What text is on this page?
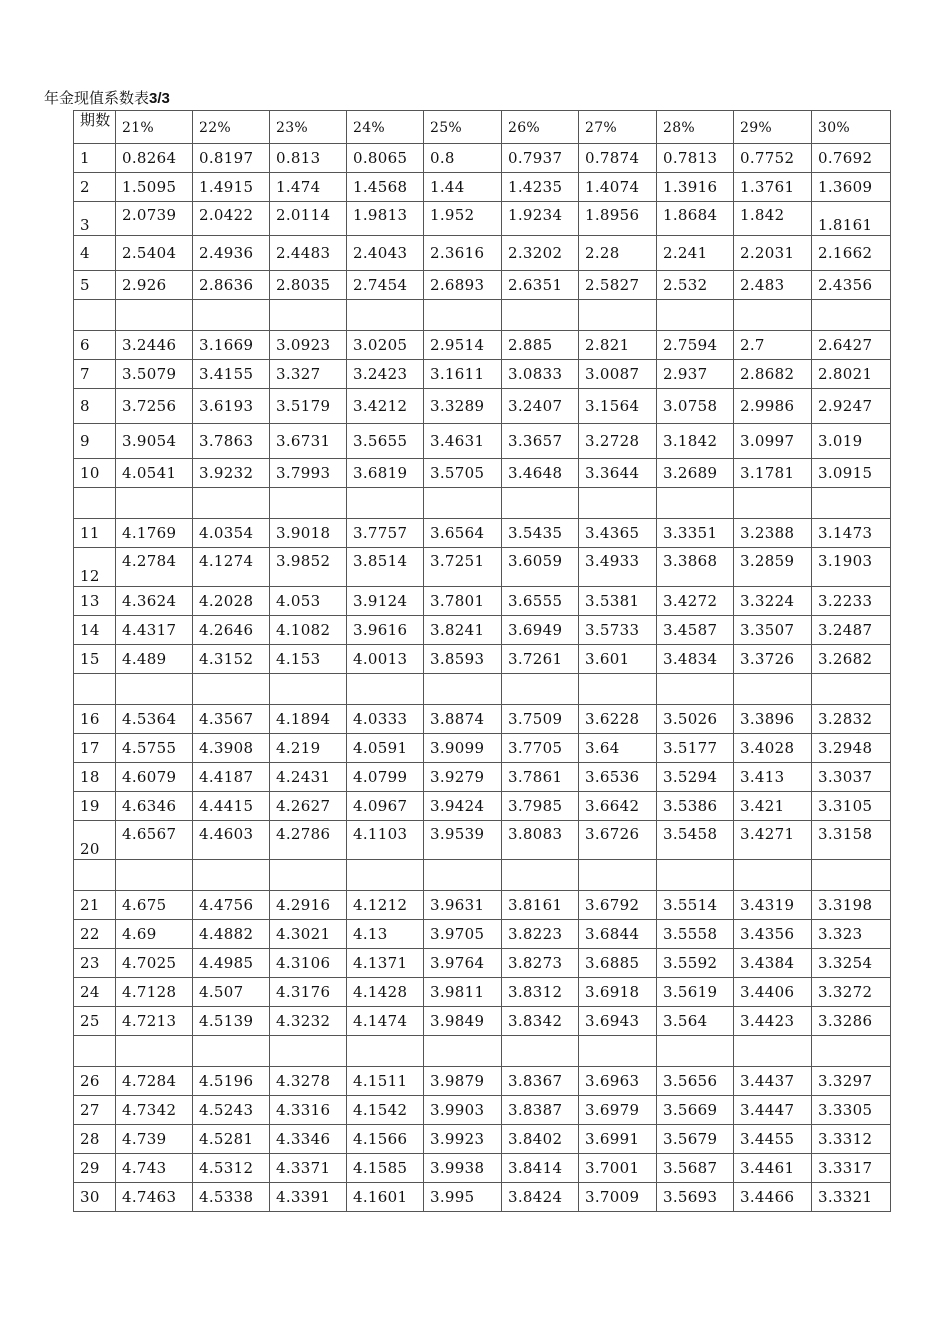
年金现值系数表3/3
期数	21%	22%	23%	24%	25%	26%	27%	28%	29%	30%
1	0.8264	0.8197	0.813	0.8065	0.8	0.7937	0.7874	0.7813	0.7752	0.7692
2	1.5095	1.4915	1.474	1.4568	1.44	1.4235	1.4074	1.3916	1.3761	1.3609
3	2.0739	2.0422	2.0114	1.9813	1.952	1.9234	1.8956	1.8684	1.842	1.8161
4	2.5404	2.4936	2.4483	2.4043	2.3616	2.3202	2.28	2.241	2.2031	2.1662
5	2.926	2.8636	2.8035	2.7454	2.6893	2.6351	2.5827	2.532	2.483	2.4356

6	3.2446	3.1669	3.0923	3.0205	2.9514	2.885	2.821	2.7594	2.7	2.6427
7	3.5079	3.4155	3.327	3.2423	3.1611	3.0833	3.0087	2.937	2.8682	2.8021
8	3.7256	3.6193	3.5179	3.4212	3.3289	3.2407	3.1564	3.0758	2.9986	2.9247
9	3.9054	3.7863	3.6731	3.5655	3.4631	3.3657	3.2728	3.1842	3.0997	3.019
10	4.0541	3.9232	3.7993	3.6819	3.5705	3.4648	3.3644	3.2689	3.1781	3.0915

11	4.1769	4.0354	3.9018	3.7757	3.6564	3.5435	3.4365	3.3351	3.2388	3.1473
12	4.2784	4.1274	3.9852	3.8514	3.7251	3.6059	3.4933	3.3868	3.2859	3.1903
13	4.3624	4.2028	4.053	3.9124	3.7801	3.6555	3.5381	3.4272	3.3224	3.2233
14	4.4317	4.2646	4.1082	3.9616	3.8241	3.6949	3.5733	3.4587	3.3507	3.2487
15	4.489	4.3152	4.153	4.0013	3.8593	3.7261	3.601	3.4834	3.3726	3.2682

16	4.5364	4.3567	4.1894	4.0333	3.8874	3.7509	3.6228	3.5026	3.3896	3.2832
17	4.5755	4.3908	4.219	4.0591	3.9099	3.7705	3.64	3.5177	3.4028	3.2948
18	4.6079	4.4187	4.2431	4.0799	3.9279	3.7861	3.6536	3.5294	3.413	3.3037
19	4.6346	4.4415	4.2627	4.0967	3.9424	3.7985	3.6642	3.5386	3.421	3.3105
20	4.6567	4.4603	4.2786	4.1103	3.9539	3.8083	3.6726	3.5458	3.4271	3.3158

21	4.675	4.4756	4.2916	4.1212	3.9631	3.8161	3.6792	3.5514	3.4319	3.3198
22	4.69	4.4882	4.3021	4.13	3.9705	3.8223	3.6844	3.5558	3.4356	3.323
23	4.7025	4.4985	4.3106	4.1371	3.9764	3.8273	3.6885	3.5592	3.4384	3.3254
24	4.7128	4.507	4.3176	4.1428	3.9811	3.8312	3.6918	3.5619	3.4406	3.3272
25	4.7213	4.5139	4.3232	4.1474	3.9849	3.8342	3.6943	3.564	3.4423	3.3286

26	4.7284	4.5196	4.3278	4.1511	3.9879	3.8367	3.6963	3.5656	3.4437	3.3297
27	4.7342	4.5243	4.3316	4.1542	3.9903	3.8387	3.6979	3.5669	3.4447	3.3305
28	4.739	4.5281	4.3346	4.1566	3.9923	3.8402	3.6991	3.5679	3.4455	3.3312
29	4.743	4.5312	4.3371	4.1585	3.9938	3.8414	3.7001	3.5687	3.4461	3.3317
30	4.7463	4.5338	4.3391	4.1601	3.995	3.8424	3.7009	3.5693	3.4466	3.3321
